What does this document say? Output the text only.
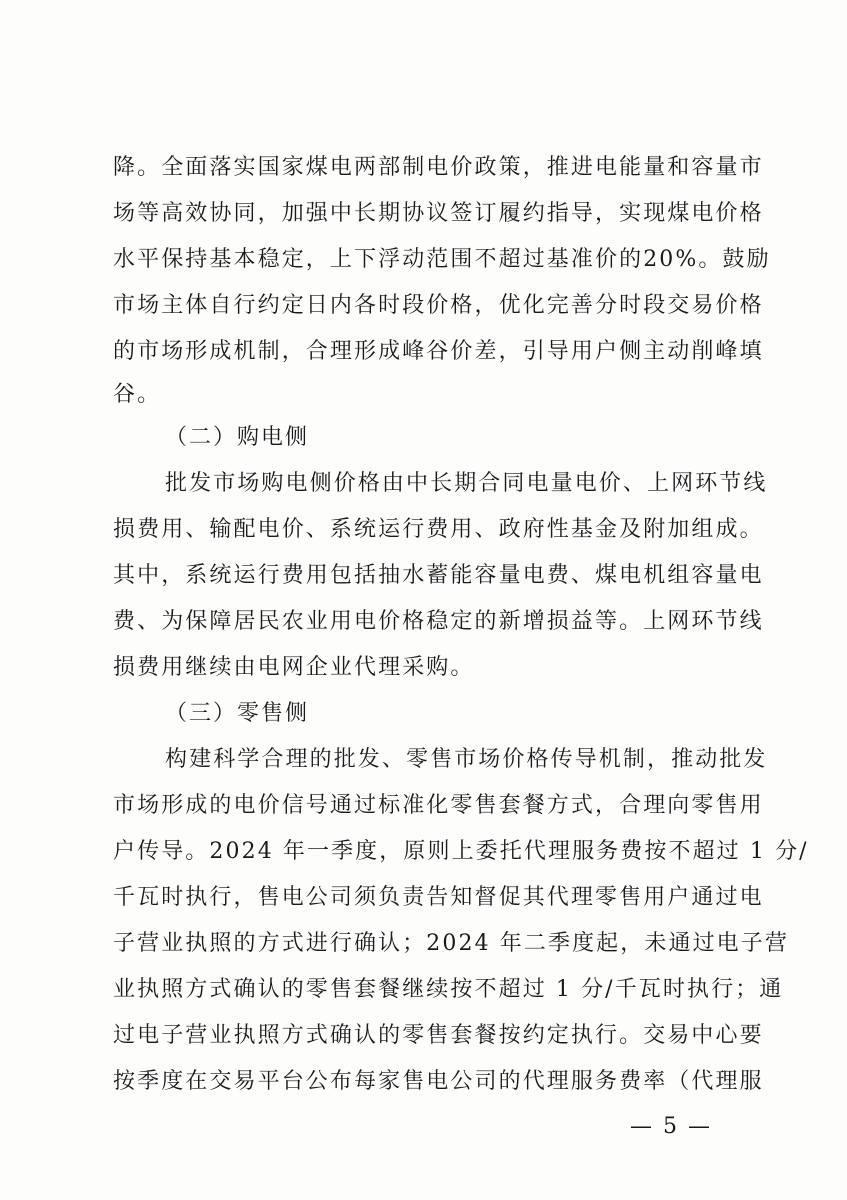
降。全面落实国家煤电两部制电价政策，推进电能量和容量市
场等高效协同，加强中长期协议签订履约指导，实现煤电价格
水平保持基本稳定，上下浮动范围不超过基准价的20%。鼓励
市场主体自行约定日内各时段价格，优化完善分时段交易价格
的市场形成机制，合理形成峰谷价差，引导用户侧主动削峰填
谷。
（二）购电侧
批发市场购电侧价格由中长期合同电量电价、上网环节线
损费用、输配电价、系统运行费用、政府性基金及附加组成。
其中，系统运行费用包括抽水蓄能容量电费、煤电机组容量电
费、为保障居民农业用电价格稳定的新增损益等。上网环节线
损费用继续由电网企业代理采购。
（三）零售侧
构建科学合理的批发、零售市场价格传导机制，推动批发
市场形成的电价信号通过标准化零售套餐方式，合理向零售用
户传导。2024 年一季度，原则上委托代理服务费按不超过 1 分/
千瓦时执行，售电公司须负责告知督促其代理零售用户通过电
子营业执照的方式进行确认；2024 年二季度起，未通过电子营
业执照方式确认的零售套餐继续按不超过 1 分/千瓦时执行；通
过电子营业执照方式确认的零售套餐按约定执行。交易中心要
按季度在交易平台公布每家售电公司的代理服务费率（代理服
— 5 —
